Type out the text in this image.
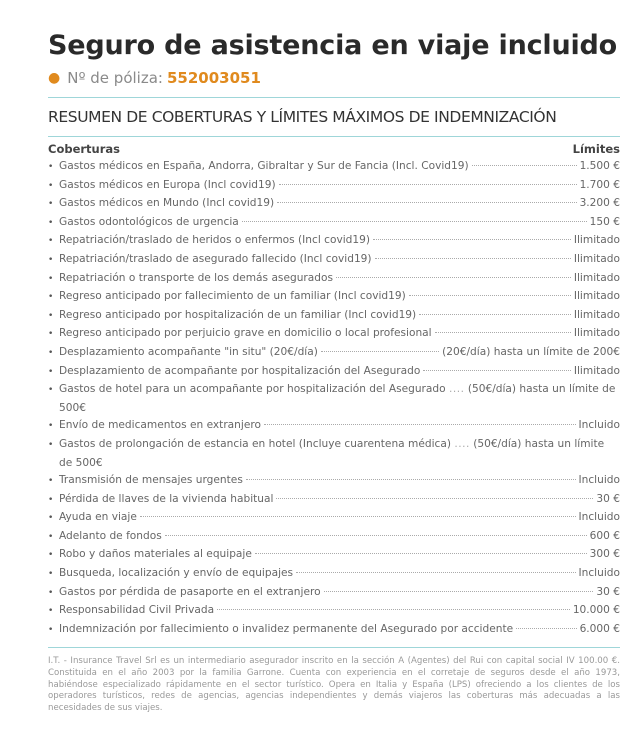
Seguro de asistencia en viaje incluido
● Nº de póliza: 552003051
RESUMEN DE COBERTURAS Y LÍMITES MÁXIMOS DE INDEMNIZACIÓN
Coberturas	Límites
• Gastos médicos en España, Andorra, Gibraltar y Sur de Fancia (Incl. Covid19)	1.500 €
• Gastos médicos en Europa (Incl covid19)	1.700 €
• Gastos médicos en Mundo (Incl covid19)	3.200 €
• Gastos odontológicos de urgencia	150 €
• Repatriación/traslado de heridos o enfermos (Incl covid19)	Ilimitado
• Repatriación/traslado de asegurado fallecido (Incl covid19)	Ilimitado
• Repatriación o transporte de los demás asegurados	Ilimitado
• Regreso anticipado por fallecimiento de un familiar (Incl covid19)	Ilimitado
• Regreso anticipado por hospitalización de un familiar (Incl covid19)	Ilimitado
• Regreso anticipado por perjuicio grave en domicilio o local profesional	Ilimitado
• Desplazamiento acompañante "in situ" (20€/día)	(20€/día) hasta un límite de 200€
• Desplazamiento de acompañante por hospitalización del Asegurado	Ilimitado
• Gastos de hotel para un acompañante por hospitalización del Asegurado .... (50€/día) hasta un límite de 500€
• Envío de medicamentos en extranjero	Incluido
• Gastos de prolongación de estancia en hotel (Incluye cuarentena médica) .... (50€/día) hasta un límite de 500€
• Transmisión de mensajes urgentes	Incluido
• Pérdida de llaves de la vivienda habitual	30 €
• Ayuda en viaje	Incluido
• Adelanto de fondos	600 €
• Robo y daños materiales al equipaje	300 €
• Busqueda, localización y envío de equipajes	Incluido
• Gastos por pérdida de pasaporte en el extranjero	30 €
• Responsabilidad Civil Privada	10.000 €
• Indemnización por fallecimiento o invalidez permanente del Asegurado por accidente	6.000 €
I.T. - Insurance Travel Srl es un intermediario asegurador inscrito en la sección A (Agentes) del Rui con capital social IV 100.00 €. Constituida en el año 2003 por la familia Garrone. Cuenta con experiencia en el corretaje de seguros desde el año 1973, habiéndose especializado rápidamente en el sector turístico. Opera en Italia y España (LPS) ofreciendo a los clientes de los operadores turísticos, redes de agencias, agencias independientes y demás viajeros las coberturas más adecuadas a las necesidades de sus viajes.
